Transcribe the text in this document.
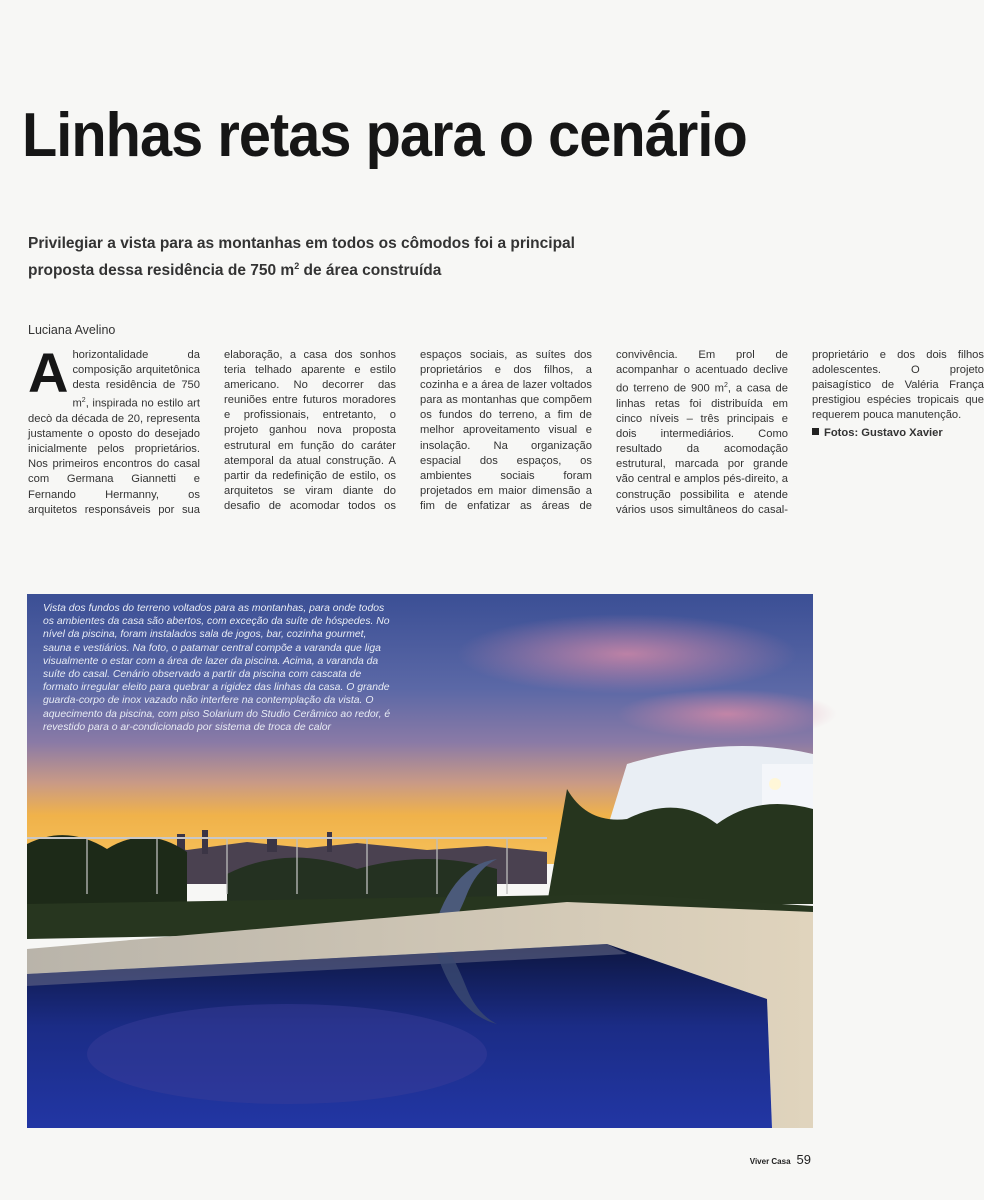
Linhas retas para o cenário

Privilegiar a vista para as montanhas em todos os cômodos foi a principal proposta dessa residência de 750 $m^2$ de área construída

Luciana Avelino
A horizontalidade da composição arquitetônica desta residência de 750 $m^2$, inspirada no estilo art decò da década de 20, representa justamente o oposto do desejado inicialmente pelos proprietários. Nos primeiros encontros do casal com Germana Giannetti e Fernando Hermanny, os arquitetos responsáveis por sua elaboração, a casa dos sonhos teria telhado aparente e estilo americano. No decorrer das reuniões entre futuros moradores e profissionais, entretanto, o projeto ganhou nova proposta estrutural em função do caráter atemporal da atual construção. A partir da redefinição de estilo, os arquitetos se viram diante do desafio de acomodar todos os espaços sociais, as suítes dos proprietários e dos filhos, a cozinha e a área de lazer voltados para as montanhas que compõem os fundos do terreno, a fim de melhor aproveitamento visual e insolação. Na organização espacial dos espaços, os ambientes sociais foram projetados em maior dimensão a fim de enfatizar as áreas de convivência. Em prol de acompanhar o acentuado declive do terreno de 900 $m^2$, a casa de linhas retas foi distribuída em cinco níveis – três principais e dois intermediários. Como resultado da acomodação estrutural, marcada por grande vão central e amplos pés-direito, a construção possibilita e atende vários usos simultâneos do casal-proprietário e dos dois filhos adolescentes. O projeto paisagístico de Valéria França prestigiou espécies tropicais que requerem pouca manutenção.
Fotos: Gustavo Xavier

Vista dos fundos do terreno voltados para as montanhas, para onde todos os ambientes da casa são abertos, com exceção da suíte de hóspedes. No nível da piscina, foram instalados sala de jogos, bar, cozinha gourmet, sauna e vestiários. Na foto, o patamar central compõe a varanda que liga visualmente o estar com a área de lazer da piscina. Acima, a varanda da suíte do casal. Cenário observado a partir da piscina com cascata de formato irregular eleito para quebrar a rigidez das linhas da casa. O grande guarda-corpo de inox vazado não interfere na contemplação da vista. O aquecimento da piscina, com piso Solarium do Studio Cerâmico ao redor, é revestido para o ar-condicionado por sistema de troca de calor

Viver Casa 59
